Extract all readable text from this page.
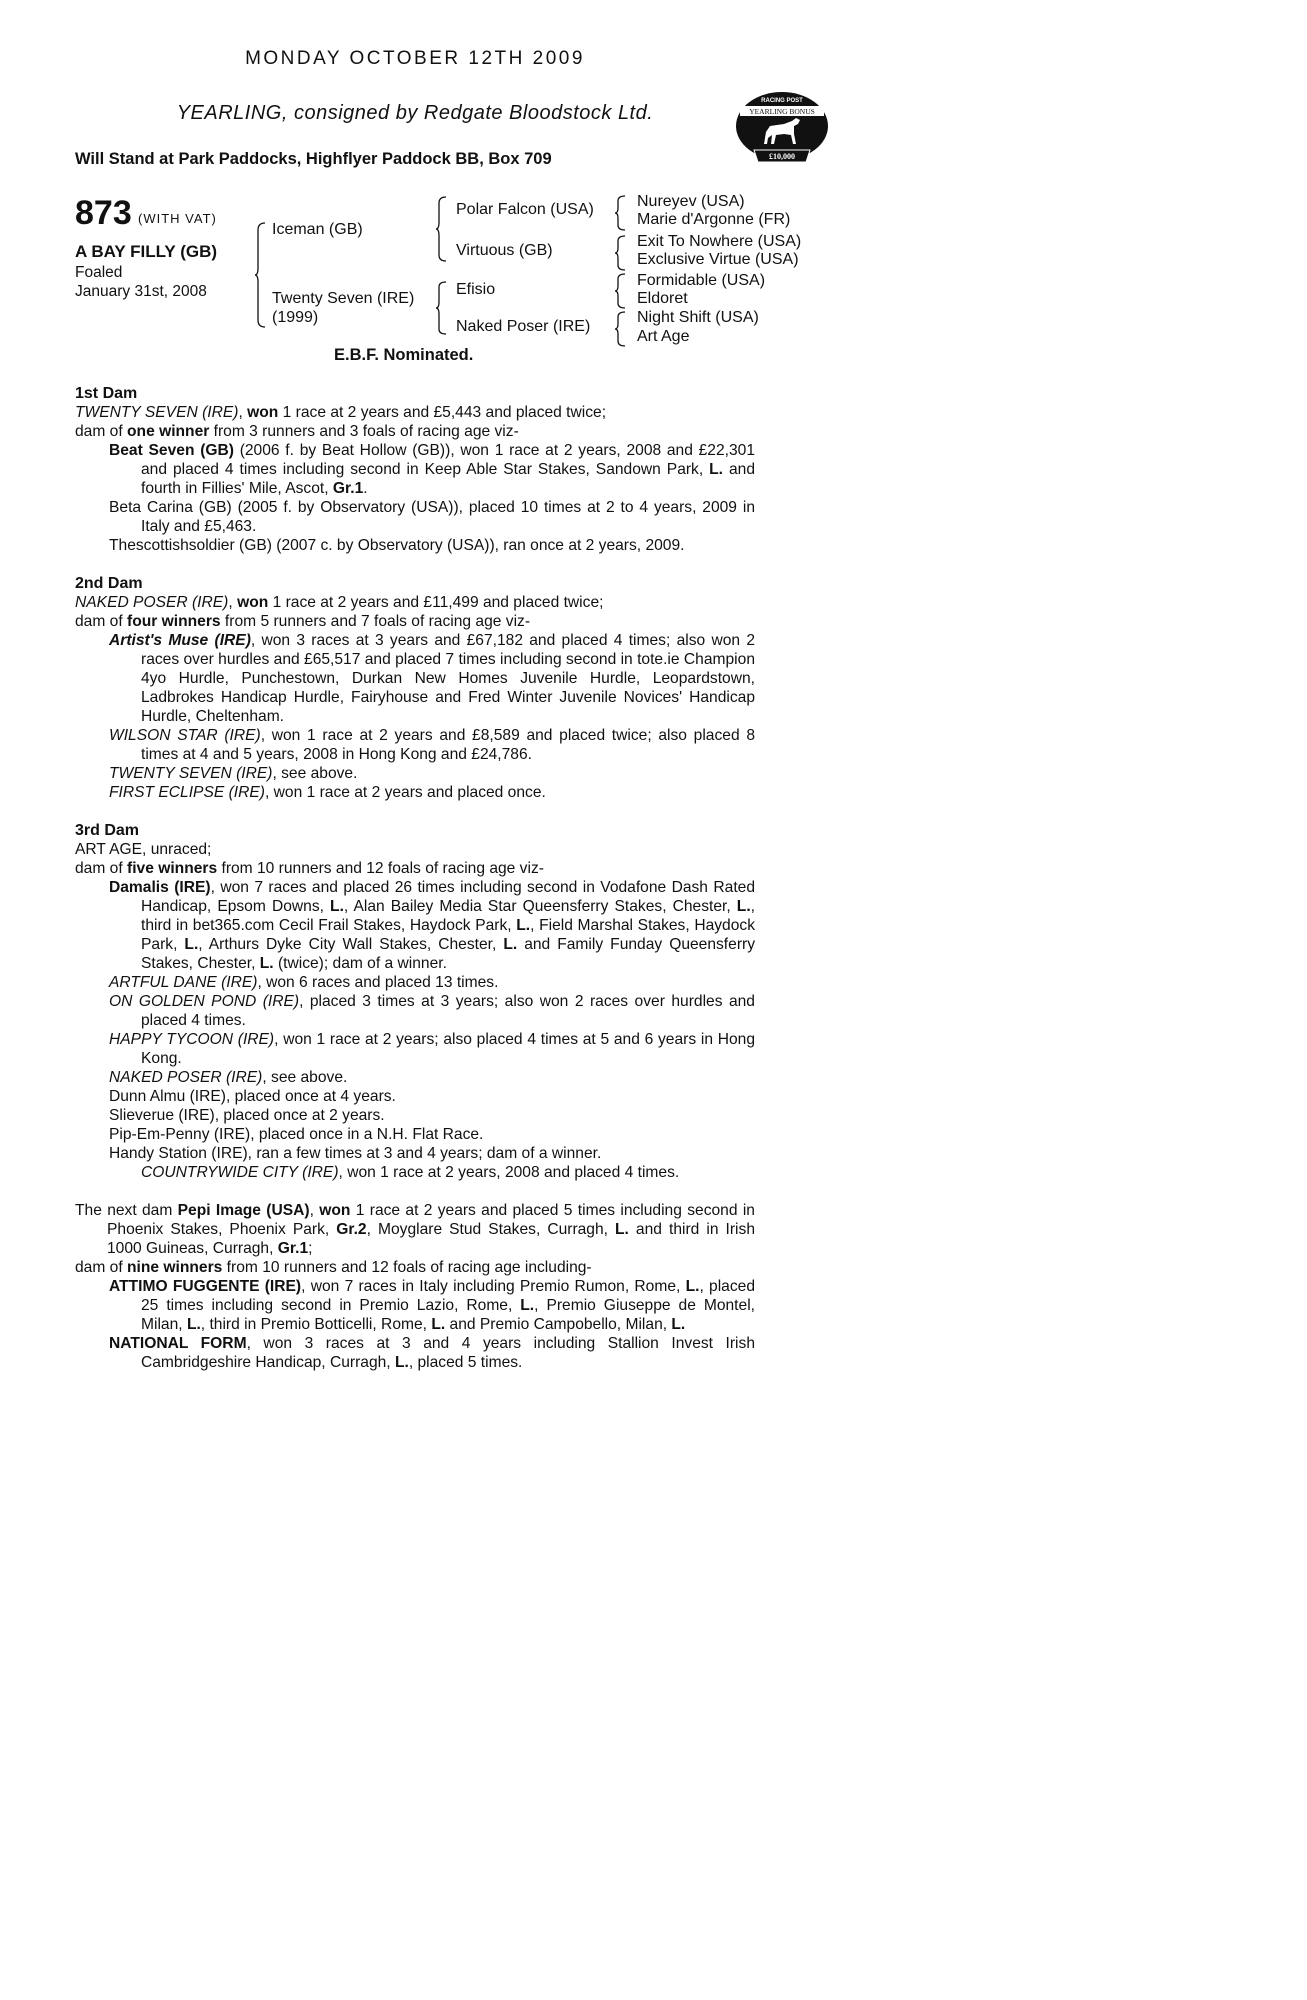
MONDAY OCTOBER 12TH 2009
YEARLING, consigned by Redgate Bloodstock Ltd.
Will Stand at Park Paddocks, Highflyer Paddock BB, Box 709
RACING POST
YEARLING BONUS
£10,000
873 (WITH VAT)
A BAY FILLY (GB)
Foaled
January 31st, 2008
Iceman (GB)
Twenty Seven (IRE)
(1999)
Polar Falcon (USA)
Virtuous (GB)
Efisio
Naked Poser (IRE)
Nureyev (USA)
Marie d'Argonne (FR)
Exit To Nowhere (USA)
Exclusive Virtue (USA)
Formidable (USA)
Eldoret
Night Shift (USA)
Art Age
E.B.F. Nominated.
1st Dam
TWENTY SEVEN (IRE), won 1 race at 2 years and £5,443 and placed twice;
dam of one winner from 3 runners and 3 foals of racing age viz-
Beat Seven (GB) (2006 f. by Beat Hollow (GB)), won 1 race at 2 years, 2008 and £22,301 and placed 4 times including second in Keep Able Star Stakes, Sandown Park, L. and fourth in Fillies' Mile, Ascot, Gr.1.
Beta Carina (GB) (2005 f. by Observatory (USA)), placed 10 times at 2 to 4 years, 2009 in Italy and £5,463.
Thescottishsoldier (GB) (2007 c. by Observatory (USA)), ran once at 2 years, 2009.
2nd Dam
NAKED POSER (IRE), won 1 race at 2 years and £11,499 and placed twice;
dam of four winners from 5 runners and 7 foals of racing age viz-
Artist's Muse (IRE), won 3 races at 3 years and £67,182 and placed 4 times; also won 2 races over hurdles and £65,517 and placed 7 times including second in tote.ie Champion 4yo Hurdle, Punchestown, Durkan New Homes Juvenile Hurdle, Leopardstown, Ladbrokes Handicap Hurdle, Fairyhouse and Fred Winter Juvenile Novices' Handicap Hurdle, Cheltenham.
WILSON STAR (IRE), won 1 race at 2 years and £8,589 and placed twice; also placed 8 times at 4 and 5 years, 2008 in Hong Kong and £24,786.
TWENTY SEVEN (IRE), see above.
FIRST ECLIPSE (IRE), won 1 race at 2 years and placed once.
3rd Dam
ART AGE, unraced;
dam of five winners from 10 runners and 12 foals of racing age viz-
Damalis (IRE), won 7 races and placed 26 times including second in Vodafone Dash Rated Handicap, Epsom Downs, L., Alan Bailey Media Star Queensferry Stakes, Chester, L., third in bet365.com Cecil Frail Stakes, Haydock Park, L., Field Marshal Stakes, Haydock Park, L., Arthurs Dyke City Wall Stakes, Chester, L. and Family Funday Queensferry Stakes, Chester, L. (twice); dam of a winner.
ARTFUL DANE (IRE), won 6 races and placed 13 times.
ON GOLDEN POND (IRE), placed 3 times at 3 years; also won 2 races over hurdles and placed 4 times.
HAPPY TYCOON (IRE), won 1 race at 2 years; also placed 4 times at 5 and 6 years in Hong Kong.
NAKED POSER (IRE), see above.
Dunn Almu (IRE), placed once at 4 years.
Slieverue (IRE), placed once at 2 years.
Pip-Em-Penny (IRE), placed once in a N.H. Flat Race.
Handy Station (IRE), ran a few times at 3 and 4 years; dam of a winner.
COUNTRYWIDE CITY (IRE), won 1 race at 2 years, 2008 and placed 4 times.
The next dam Pepi Image (USA), won 1 race at 2 years and placed 5 times including second in Phoenix Stakes, Phoenix Park, Gr.2, Moyglare Stud Stakes, Curragh, L. and third in Irish 1000 Guineas, Curragh, Gr.1;
dam of nine winners from 10 runners and 12 foals of racing age including-
ATTIMO FUGGENTE (IRE), won 7 races in Italy including Premio Rumon, Rome, L., placed 25 times including second in Premio Lazio, Rome, L., Premio Giuseppe de Montel, Milan, L., third in Premio Botticelli, Rome, L. and Premio Campobello, Milan, L.
NATIONAL FORM, won 3 races at 3 and 4 years including Stallion Invest Irish Cambridgeshire Handicap, Curragh, L., placed 5 times.
